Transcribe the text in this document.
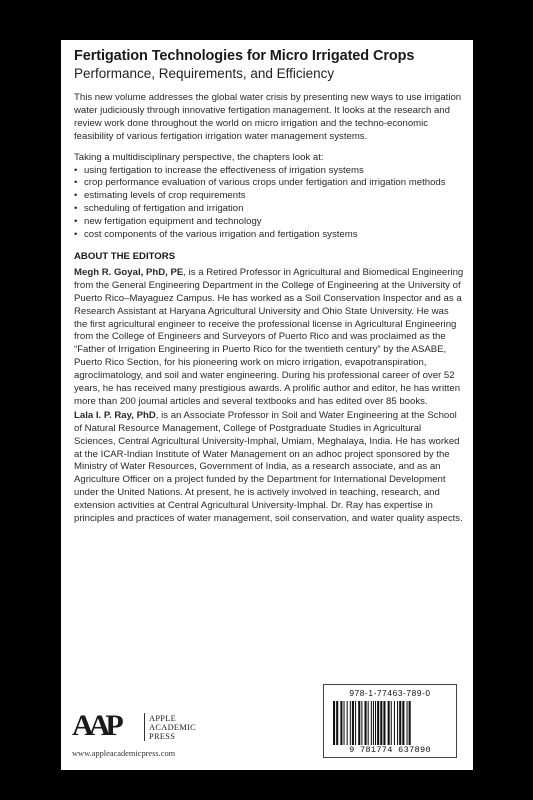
Fertigation Technologies for Micro Irrigated Crops
Performance, Requirements, and Efficiency

This new volume addresses the global water crisis by presenting new ways to use irrigation water judiciously through innovative fertigation management. It looks at the research and review work done throughout the world on micro irrigation and the techno-economic feasibility of various fertigation irrigation water management systems.

Taking a multidisciplinary perspective, the chapters look at:

• using fertigation to increase the effectiveness of irrigation systems
• crop performance evaluation of various crops under fertigation and irrigation methods
• estimating levels of crop requirements
• scheduling of fertigation and irrigation
• new fertigation equipment and technology
• cost components of the various irrigation and fertigation systems
ABOUT THE EDITORS

Megh R. Goyal, PhD, PE, is a Retired Professor in Agricultural and Biomedical Engineering from the General Engineering Department in the College of Engineering at the University of Puerto Rico–Mayaguez Campus. He has worked as a Soil Conservation Inspector and as a Research Assistant at Haryana Agricultural University and Ohio State University. He was the first agricultural engineer to receive the professional license in Agricultural Engineering from the College of Engineers and Surveyors of Puerto Rico and was proclaimed as the “Father of Irrigation Engineering in Puerto Rico for the twentieth century” by the ASABE, Puerto Rico Section, for his pioneering work on micro irrigation, evapotranspiration, agroclimatology, and soil and water engineering. During his professional career of over 52 years, he has received many prestigious awards. A prolific author and editor, he has written more than 200 journal articles and several textbooks and has edited over 85 books.

Lala I. P. Ray, PhD, is an Associate Professor in Soil and Water Engineering at the School of Natural Resource Management, College of Postgraduate Studies in Agricultural Sciences, Central Agricultural University-Imphal, Umiam, Meghalaya, India. He has worked at the ICAR-Indian Institute of Water Management on an adhoc project sponsored by the Ministry of Water Resources, Government of India, as a research associate, and as an Agriculture Officer on a project funded by the Department for International Development under the United Nations. At present, he is actively involved in teaching, research, and extension activities at Central Agricultural University-Imphal. Dr. Ray has expertise in principles and practices of water management, soil conservation, and water quality aspects.

AAP	APPLE
ACADEMIC
PRESS
www.appleacademicpress.com
978-1-77463-789-0
9 781774 637890
